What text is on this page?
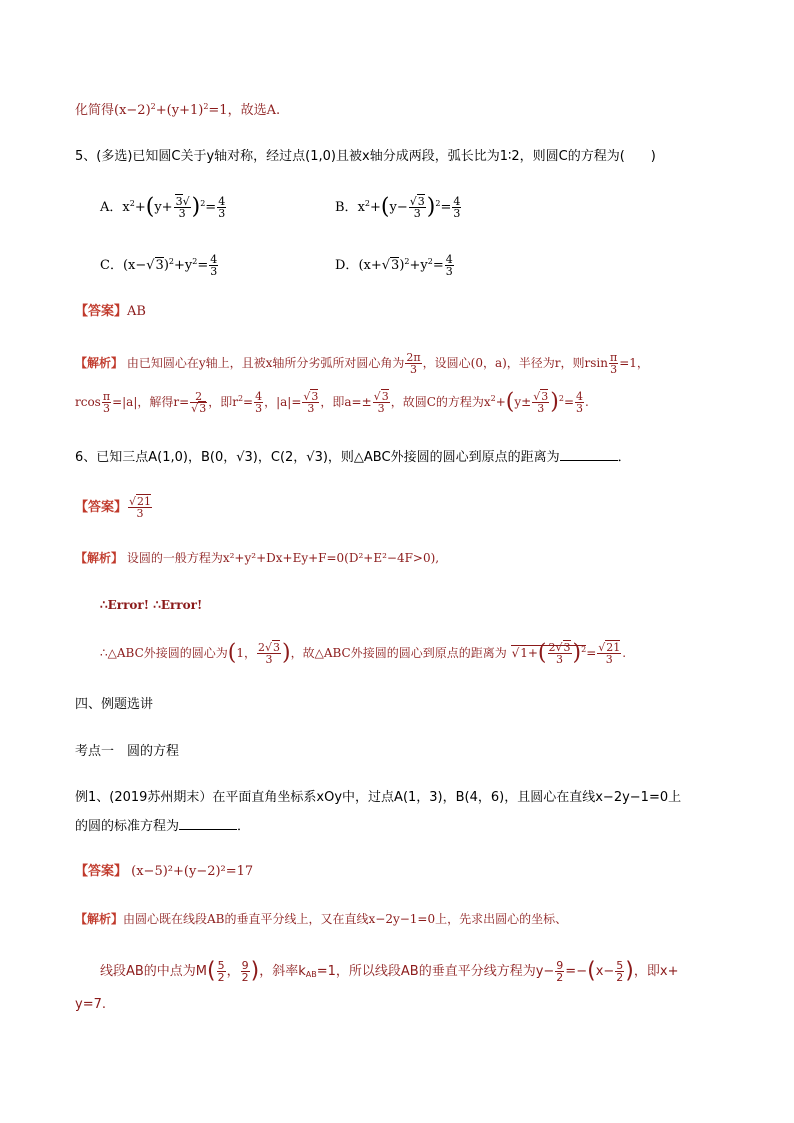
化简得$(x-2)^2+(y+1)^2=1$，故选A.
5、(多选)已知圆C关于y轴对称，经过点(1,0)且被x轴分成两段，弧长比为1∶2，则圆C的方程为(　　)
A．$x^2+(y+ \frac{3√}{3} )^2= \frac{4}{3}$	B．$x^2+(y- \frac{√3}{3} )^2= \frac{4}{3}$
C．$(x-√3)^2+y^2= \frac{4}{3}$	D．$(x+√3)^2+y^2= \frac{4}{3}$
【答案】AB
【解析】 由已知圆心在y轴上，且被x轴所分劣弧所对圆心角为 $\frac{2\pi}{3}$ ，设圆心(0，a)，半径为r，则rsin $\frac{\pi}{3} =1$，
rcos $\frac{\pi}{3} =|a|$，解得$r= \frac{2}{√3}$ ，即$r^2= \frac{4}{3}$ ，$|a|= \frac{√3}{3}$ ，即$a=\pm \frac{√3}{3}$ ，故圆C的方程为$x^2+(y\pm \frac{√3}{3} )^2= \frac{4}{3}$ .
6、已知三点A(1,0)，B(0，√3)，C(2，√3)，则△ABC外接圆的圆心到原点的距离为	．
【答案】 $\frac{√21}{3}$
【解析】 设圆的一般方程为x²+y²+Dx+Ey+F=0(D²+E²−4F>0),
∴Error! ∴Error!
∴△ABC外接圆的圆心为(1， $\frac{2√3}{3}$ )，故△ABC外接圆的圆心到原点的距离为 $√1+( \frac{2√3}{3} )^2= \frac{√21}{3}$ .
四、例题选讲
考点一　圆的方程
例1、(2019苏州期末）在平面直角坐标系xOy中，过点A(1，3)，B(4，6)，且圆心在直线x−2y−1=0上
的圆的标准方程为	．
【答案】 (x−5)²+(y−2)²=17
【解析】由圆心既在线段AB的垂直平分线上，又在直线x−2y−1=0上，先求出圆心的坐标、
线段AB的中点为$M( \frac{5}{2}$ ， $\frac{9}{2}$ )，斜率$k_{AB}=1$，所以线段AB的垂直平分线方程为$y- \frac{9}{2} =-(x- \frac{5}{2}$ )，即x+
y=7.
